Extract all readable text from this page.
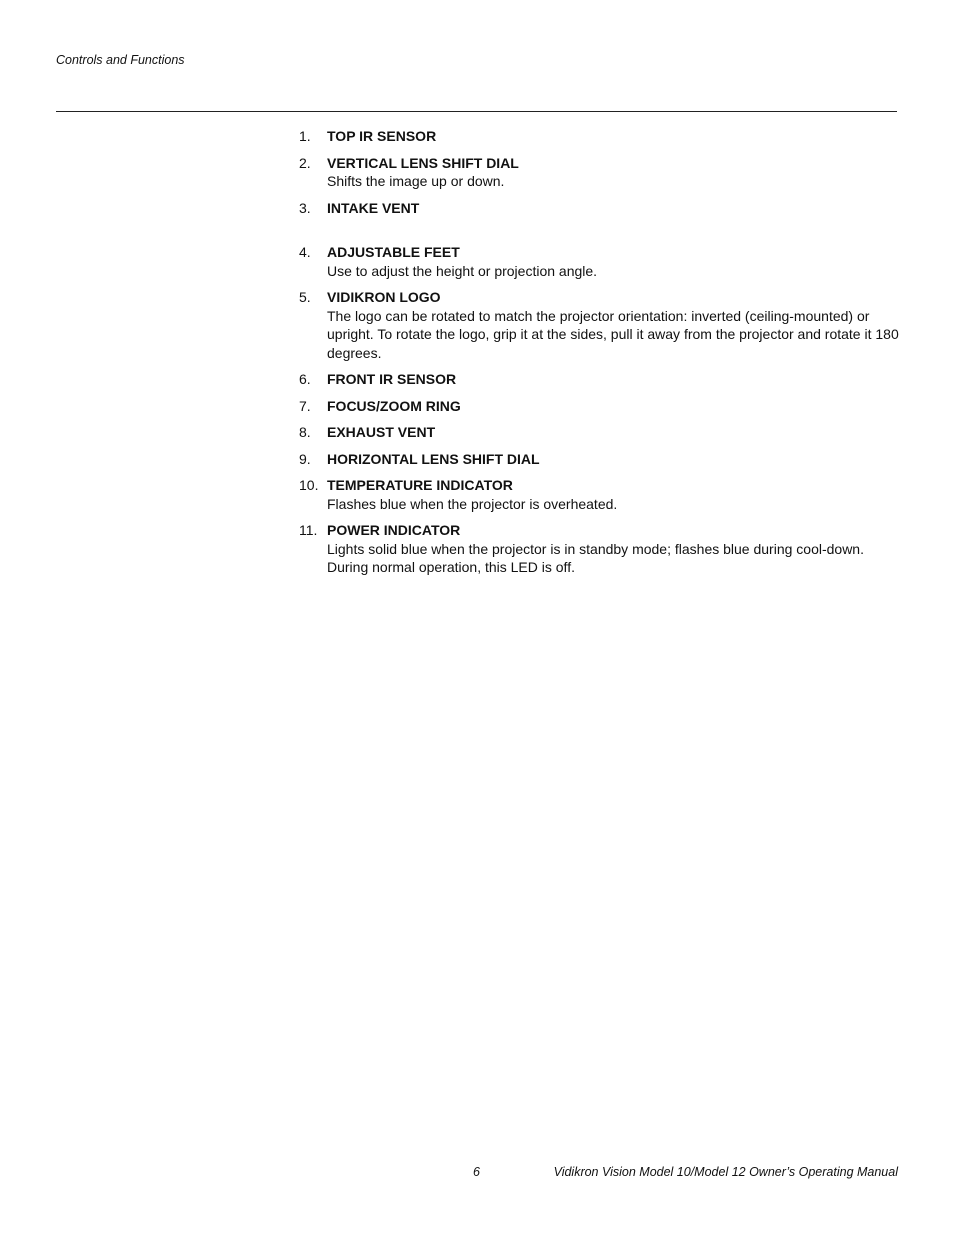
Controls and Functions
1. TOP IR SENSOR
2. VERTICAL LENS SHIFT DIAL
Shifts the image up or down.
3. INTAKE VENT
4. ADJUSTABLE FEET
Use to adjust the height or projection angle.
5. VIDIKRON LOGO
The logo can be rotated to match the projector orientation: inverted (ceiling-mounted) or upright. To rotate the logo, grip it at the sides, pull it away from the projector and rotate it 180 degrees.
6. FRONT IR SENSOR
7. FOCUS/ZOOM RING
8. EXHAUST VENT
9. HORIZONTAL LENS SHIFT DIAL
10. TEMPERATURE INDICATOR
Flashes blue when the projector is overheated.
11. POWER INDICATOR
Lights solid blue when the projector is in standby mode; flashes blue during cool-down. During normal operation, this LED is off.
6	Vidikron Vision Model 10/Model 12 Owner’s Operating Manual
